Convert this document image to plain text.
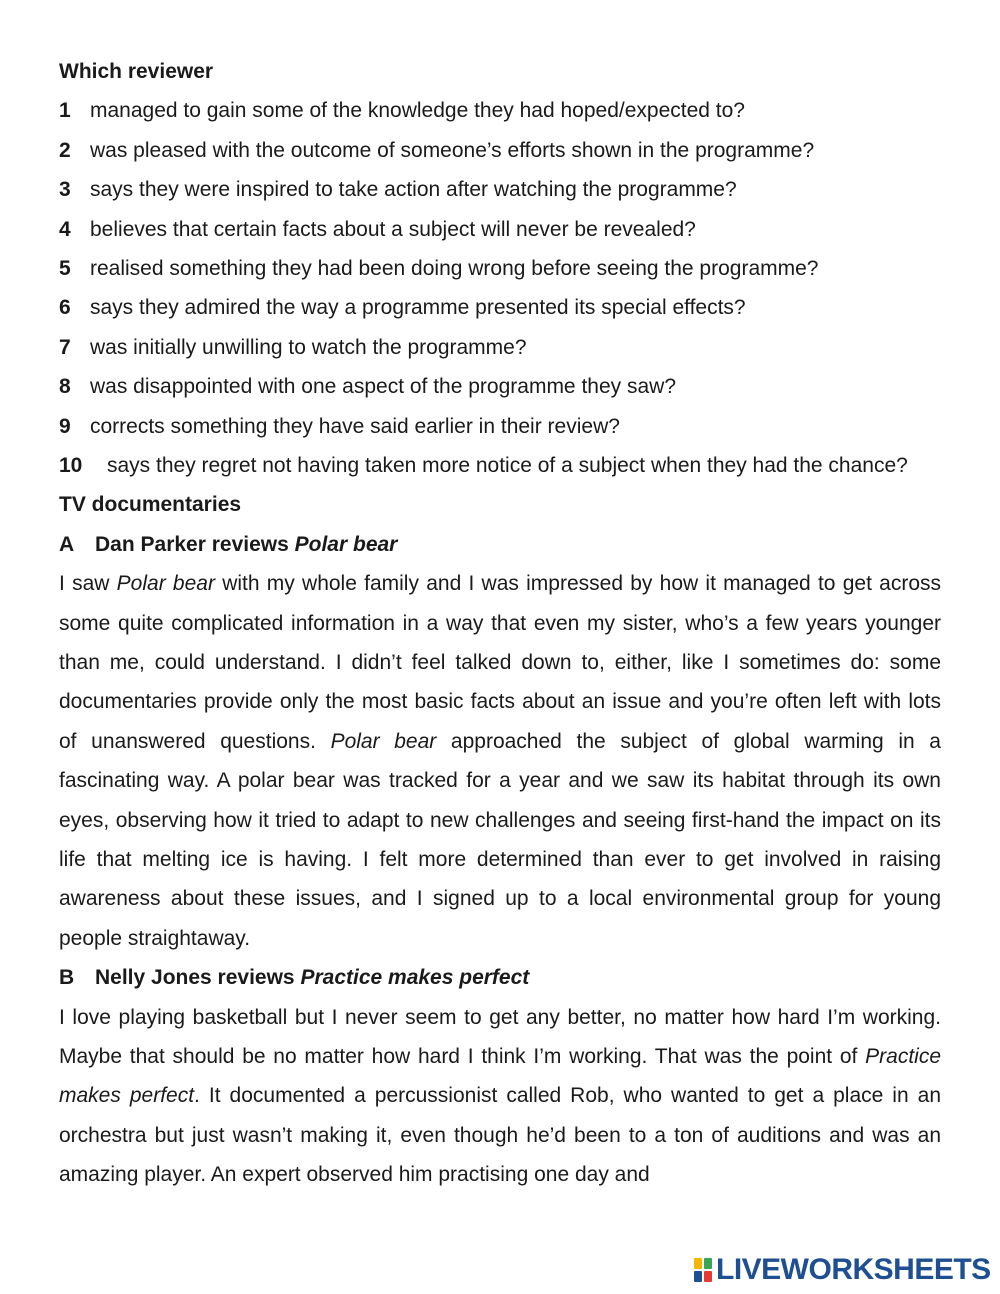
Which reviewer
1 managed to gain some of the knowledge they had hoped/expected to?
2 was pleased with the outcome of someone’s efforts shown in the programme?
3 says they were inspired to take action after watching the programme?
4 believes that certain facts about a subject will never be revealed?
5 realised something they had been doing wrong before seeing the programme?
6 says they admired the way a programme presented its special effects?
7 was initially unwilling to watch the programme?
8 was disappointed with one aspect of the programme they saw?
9 corrects something they have said earlier in their review?
10 says they regret not having taken more notice of a subject when they had the chance?
TV documentaries
A Dan Parker reviews Polar bear
I saw Polar bear with my whole family and I was impressed by how it managed to get across some quite complicated information in a way that even my sister, who’s a few years younger than me, could understand. I didn’t feel talked down to, either, like I sometimes do: some documentaries provide only the most basic facts about an issue and you’re often left with lots of unanswered questions. Polar bear approached the subject of global warming in a fascinating way. A polar bear was tracked for a year and we saw its habitat through its own eyes, observing how it tried to adapt to new challenges and seeing first-hand the impact on its life that melting ice is having. I felt more determined than ever to get involved in raising awareness about these issues, and I signed up to a local environmental group for young people straightaway.
B Nelly Jones reviews Practice makes perfect
I love playing basketball but I never seem to get any better, no matter how hard I’m working. Maybe that should be no matter how hard I think I’m working. That was the point of Practice makes perfect. It documented a percussionist called Rob, who wanted to get a place in an orchestra but just wasn’t making it, even though he’d been to a ton of auditions and was an amazing player. An expert observed him practising one day and
LIVEWORKSHEETS
